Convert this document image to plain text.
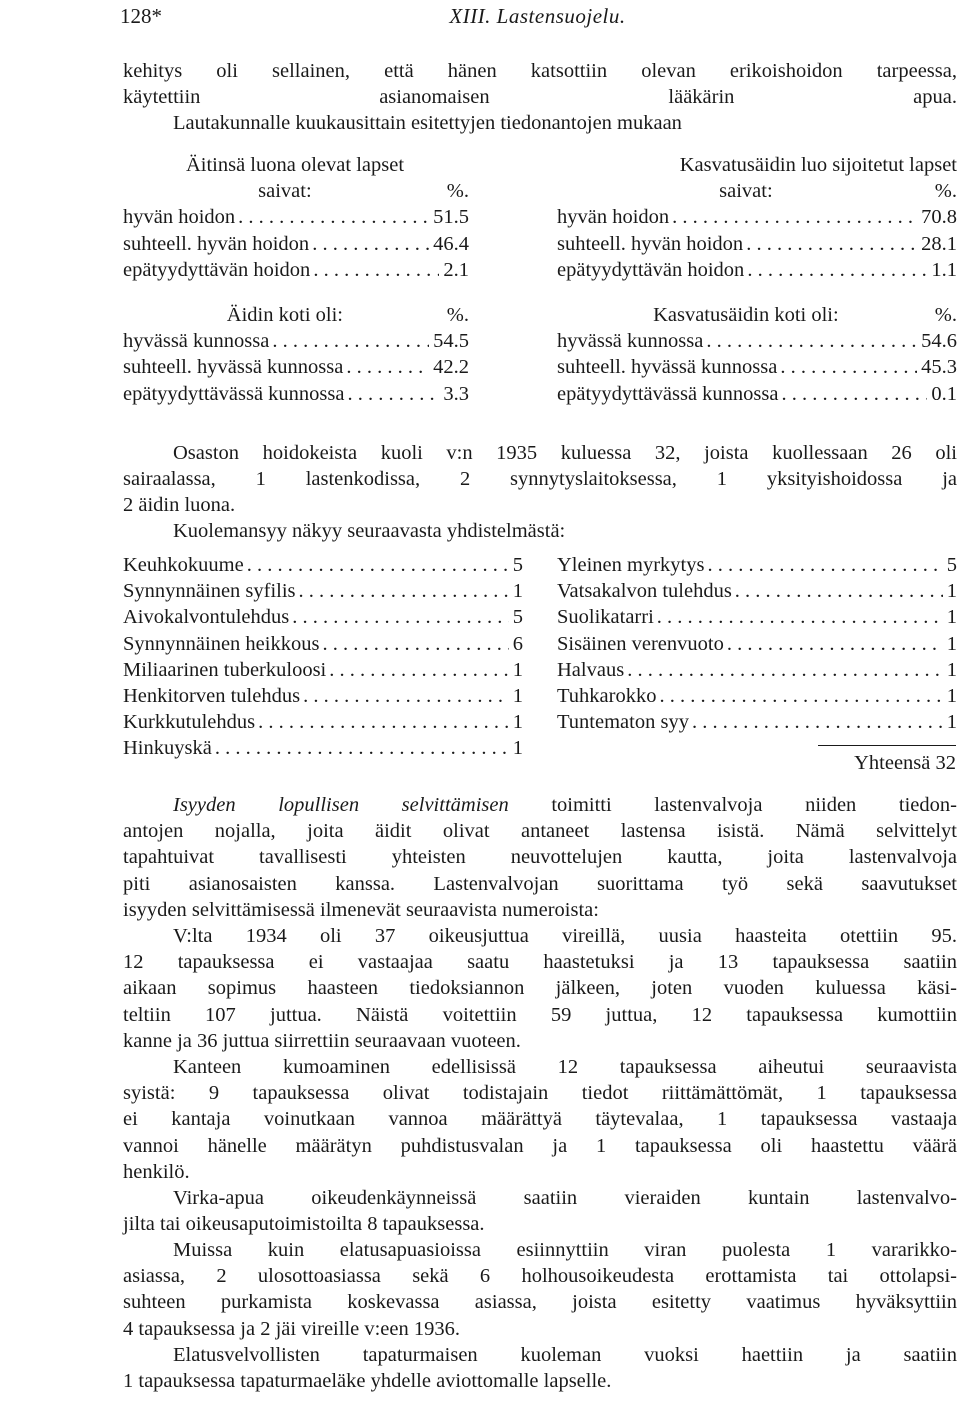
128*	XIII. Lastensuojelu.

kehitys oli sellainen, että hänen katsottiin olevan erikoishoidon tarpeessa,
käytettiin asianomaisen lääkärin apua.

Lautakunnalle kuukausittain esitettyjen tiedonantojen mukaan

Äitinsä luona olevat lapset
saivat:	%.
hyvän hoidon . . .	51.5
suhteell. hyvän hoidon . . .	46.4
epätyydyttävän hoidon . . .	2.1
Äidin koti oli:	%.
hyvässä kunnossa . . .	54.5
suhteell. hyvässä kunnossa . . .	42.2
epätyydyttävässä kunnossa . . .	3.3
Kasvatusäidin luo sijoitetut lapset
saivat:	%.
hyvän hoidon . . .	70.8
suhteell. hyvän hoidon . . .	28.1
epätyydyttävän hoidon . . .	1.1
Kasvatusäidin koti oli:	%.
hyvässä kunnossa . . .	54.6
suhteell. hyvässä kunnossa . . .	45.3
epätyydyttävässä kunnossa . . .	0.1

Osaston hoidokeista kuoli v:n 1935 kuluessa 32, joista kuollessaan 26 oli
sairaalassa, 1 lastenkodissa, 2 synnytyslaitoksessa, 1 yksityishoidossa ja
2 äidin luona.

Kuolemansyy näkyy seuraavasta yhdistelmästä:

Keuhkokuume . . .	5
Synnynnäinen syfilis . . .	1
Aivokalvontulehdus . . .	5
Synnynnäinen heikkous . . .	6
Miliaarinen tuberkuloosi . . .	1
Henkitorven tulehdus . . .	1
Kurkkutulehdus . . .	1
Hinkuyskä . . .	1
Yleinen myrkytys . . .	5
Vatsakalvon tulehdus . . .	1
Suolikatarri . . .	1
Sisäinen verenvuoto . . .	1
Halvaus . . .	1
Tuhkarokko . . .	1
Tuntematon syy . . .	1
Yhteensä 32

Isyyden lopullisen selvittämisen toimitti lastenvalvoja niiden tiedon-
antojen nojalla, joita äidit olivat antaneet lastensa isistä. Nämä selvittelyt
tapahtuivat tavallisesti yhteisten neuvottelujen kautta, joita lastenvalvoja
piti asianosaisten kanssa. Lastenvalvojan suorittama työ sekä saavutukset
isyyden selvittämisessä ilmenevät seuraavista numeroista:

V:lta 1934 oli 37 oikeusjuttua vireillä, uusia haasteita otettiin 95.
12 tapauksessa ei vastaajaa saatu haastetuksi ja 13 tapauksessa saatiin
aikaan sopimus haasteen tiedoksiannon jälkeen, joten vuoden kuluessa käsi-
teltiin 107 juttua. Näistä voitettiin 59 juttua, 12 tapauksessa kumottiin
kanne ja 36 juttua siirrettiin seuraavaan vuoteen.

Kanteen kumoaminen edellisissä 12 tapauksessa aiheutui seuraavista
syistä: 9 tapauksessa olivat todistajain tiedot riittämättömät, 1 tapauksessa
ei kantaja voinutkaan vannoa määrättyä täytevalaa, 1 tapauksessa vastaaja
vannoi hänelle määrätyn puhdistusvalan ja 1 tapauksessa oli haastettu väärä
henkilö.

Virka-apua oikeudenkäynneissä saatiin vieraiden kuntain lastenvalvo-
jilta tai oikeusaputoimistoilta 8 tapauksessa.

Muissa kuin elatusapuasioissa esiinnyttiin viran puolesta 1 vararikko-
asiassa, 2 ulosottoasiassa sekä 6 holhousoikeudesta erottamista tai ottolapsi-
suhteen purkamista koskevassa asiassa, joista esitetty vaatimus hyväksyttiin
4 tapauksessa ja 2 jäi vireille v:een 1936.

Elatusvelvollisten tapaturmaisen kuoleman vuoksi haettiin ja saatiin
1 tapauksessa tapaturmaeläke yhdelle aviottomalle lapselle.
